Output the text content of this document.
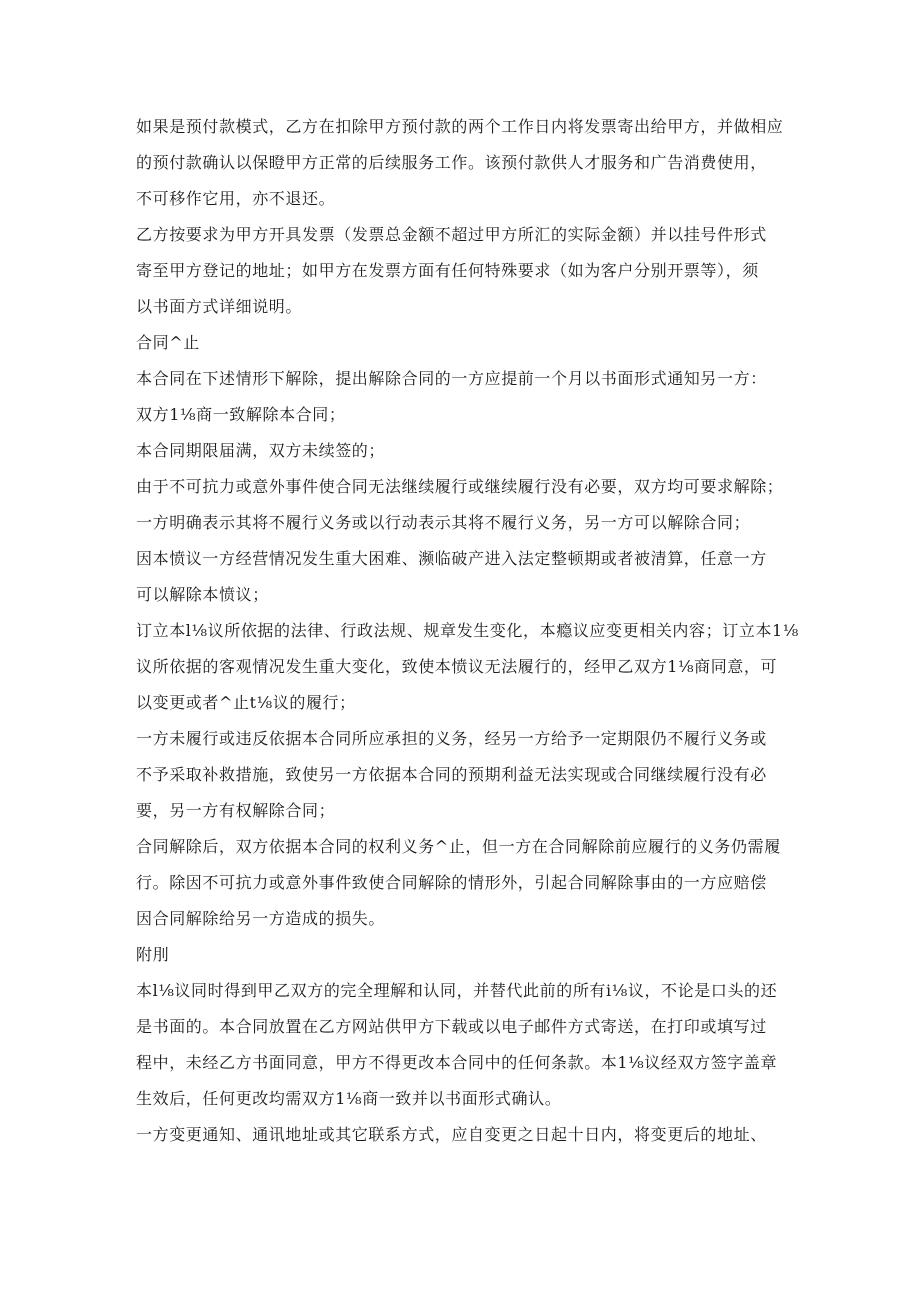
如果是预付款模式，乙方在扣除甲方预付款的两个工作日内将发票寄出给甲方，并做相应
的预付款确认以保瞪甲方正常的后续服务工作。该预付款供人才服务和广告消费使用，
不可移作它用，亦不退还。
乙方按要求为甲方开具发票（发票总金额不超过甲方所汇的实际金额）并以挂号件形式
寄至甲方登记的地址；如甲方在发票方面有任何特殊要求（如为客户分别开票等），须
以书面方式详细说明。
合同^止
本合同在下述情形下解除，提出解除合同的一方应提前一个月以书面形式通知另一方：
双方1⅛商一致解除本合同；
本合同期限届满，双方未续签的；
由于不可抗力或意外事件使合同无法继续履行或继续履行没有必要，双方均可要求解除；
一方明确表示其将不履行义务或以行动表示其将不履行义务，另一方可以解除合同；
因本愤议一方经营情况发生重大困难、濒临破产进入法定整顿期或者被清算，任意一方
可以解除本愤议；
订立本l⅛议所依据的法律、行政法规、规章发生变化，本瘾议应变更相关内容；订立本1⅛
议所依据的客观情况发生重大变化，致使本愤议无法履行的，经甲乙双方1⅛商同意，可
以变更或者^止t⅛议的履行；
一方未履行或违反依据本合同所应承担的义务，经另一方给予一定期限仍不履行义务或
不予采取补救措施，致使另一方依据本合同的预期利益无法实现或合同继续履行没有必
要，另一方有权解除合同；
合同解除后，双方依据本合同的权利义务^止，但一方在合同解除前应履行的义务仍需履
行。除因不可抗力或意外事件致使合同解除的情形外，引起合同解除事由的一方应赔偿
因合同解除给另一方造成的损失。
附刖
本l⅛议同时得到甲乙双方的完全理解和认同，并替代此前的所有i⅛议，不论是口头的还
是书面的。本合同放置在乙方网站供甲方下载或以电子邮件方式寄送，在打印或填写过
程中，未经乙方书面同意，甲方不得更改本合同中的任何条款。本1⅛议经双方签字盖章
生效后，任何更改均需双方1⅛商一致并以书面形式确认。
一方变更通知、通讯地址或其它联系方式，应自变更之日起十日内，将变更后的地址、
